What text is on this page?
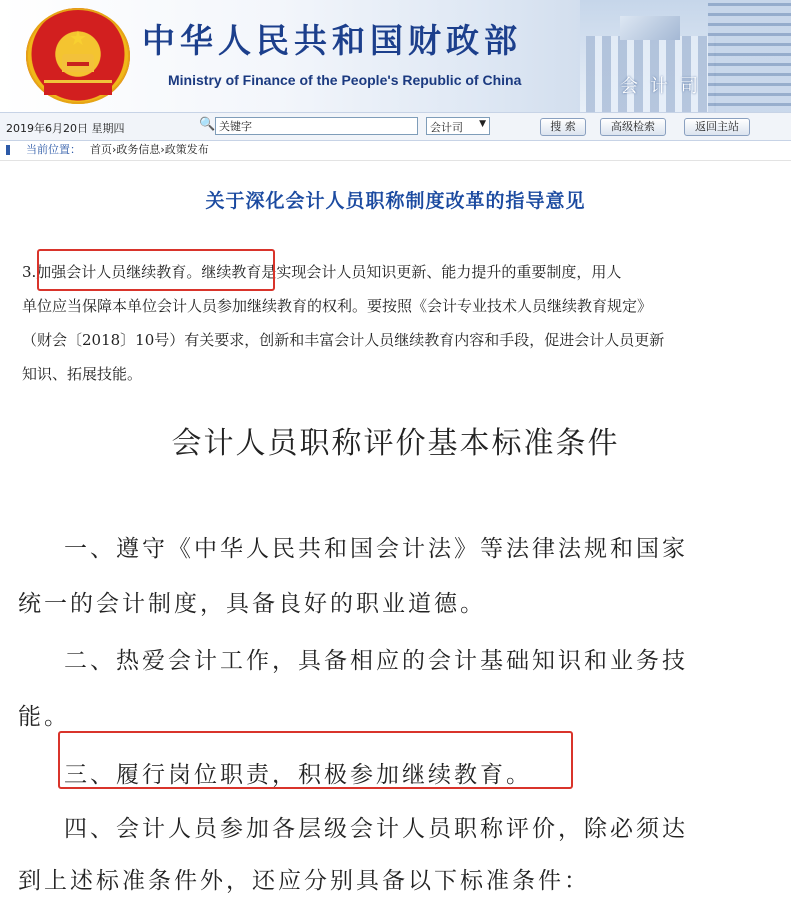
★	中华人民共和国财政部
Ministry of Finance of the People's Republic of China	会计司
2019年6月20日 星期四	🔍
关键字	会计司 ▼	搜 索	高级检索	返回主站
当前位置： 首页›政务信息›政策发布
关于深化会计人员职称制度改革的指导意见
3.加强会计人员继续教育。继续教育是实现会计人员知识更新、能力提升的重要制度，用人
单位应当保障本单位会计人员参加继续教育的权利。要按照《会计专业技术人员继续教育规定》
（财会〔2018〕10号）有关要求，创新和丰富会计人员继续教育内容和手段，促进会计人员更新
知识、拓展技能。
会计人员职称评价基本标准条件
一、遵守《中华人民共和国会计法》等法律法规和国家
统一的会计制度，具备良好的职业道德。
二、热爱会计工作，具备相应的会计基础知识和业务技
能。
三、履行岗位职责，积极参加继续教育。
四、会计人员参加各层级会计人员职称评价，除必须达
到上述标准条件外，还应分别具备以下标准条件：
